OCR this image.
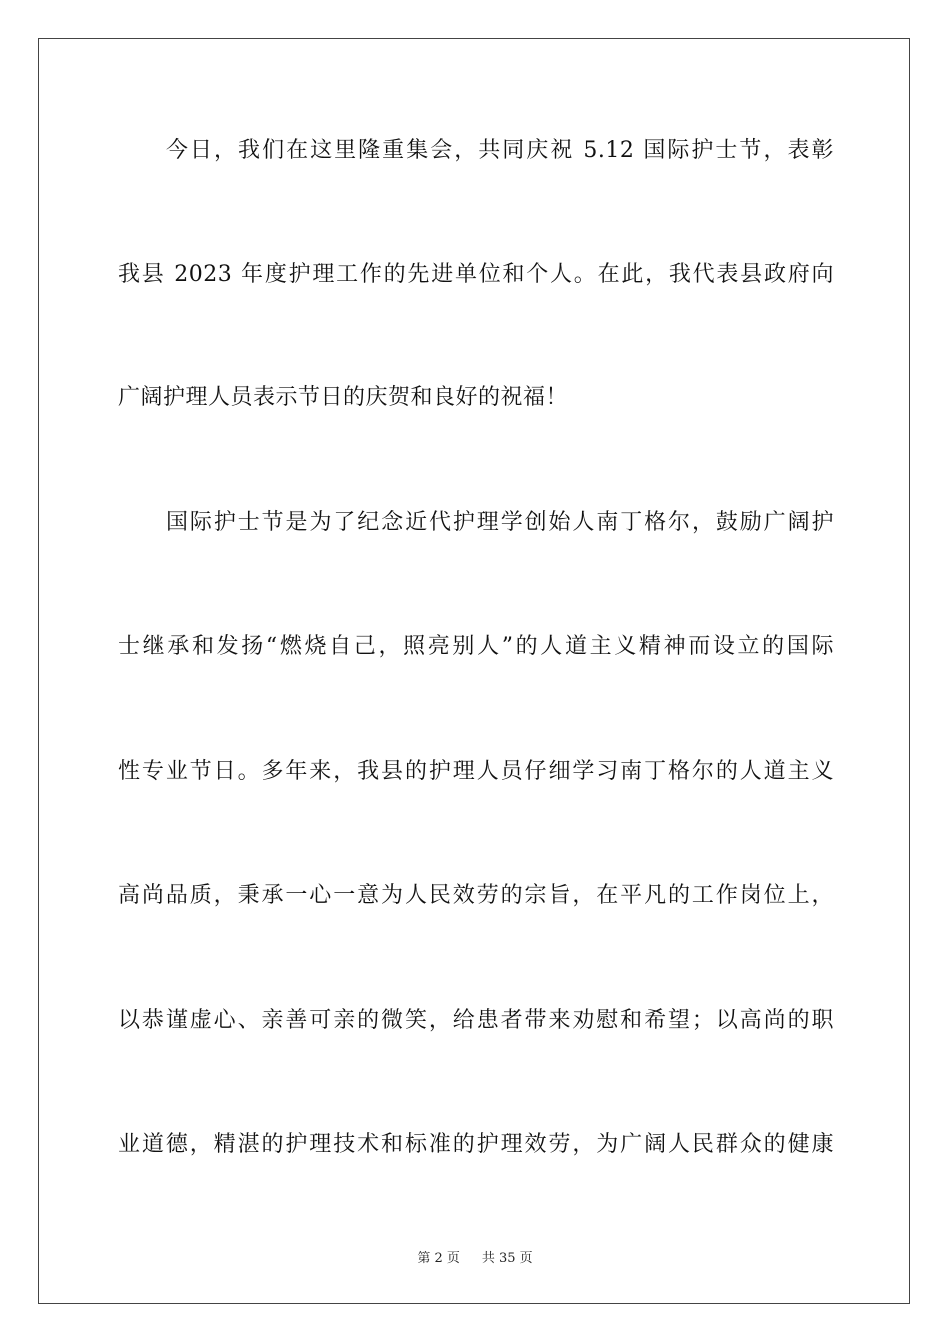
今日，我们在这里隆重集会，共同庆祝 5.12 国际护士节，表彰
我县 2023 年度护理工作的先进单位和个人。在此，我代表县政府向
广阔护理人员表示节日的庆贺和良好的祝福！
国际护士节是为了纪念近代护理学创始人南丁格尔，鼓励广阔护
士继承和发扬“燃烧自己，照亮别人”的人道主义精神而设立的国际
性专业节日。多年来，我县的护理人员仔细学习南丁格尔的人道主义
高尚品质，秉承一心一意为人民效劳的宗旨，在平凡的工作岗位上，
以恭谨虚心、亲善可亲的微笑，给患者带来劝慰和希望；以高尚的职
业道德，精湛的护理技术和标准的护理效劳，为广阔人民群众的健康
第 2 页 共 35 页
